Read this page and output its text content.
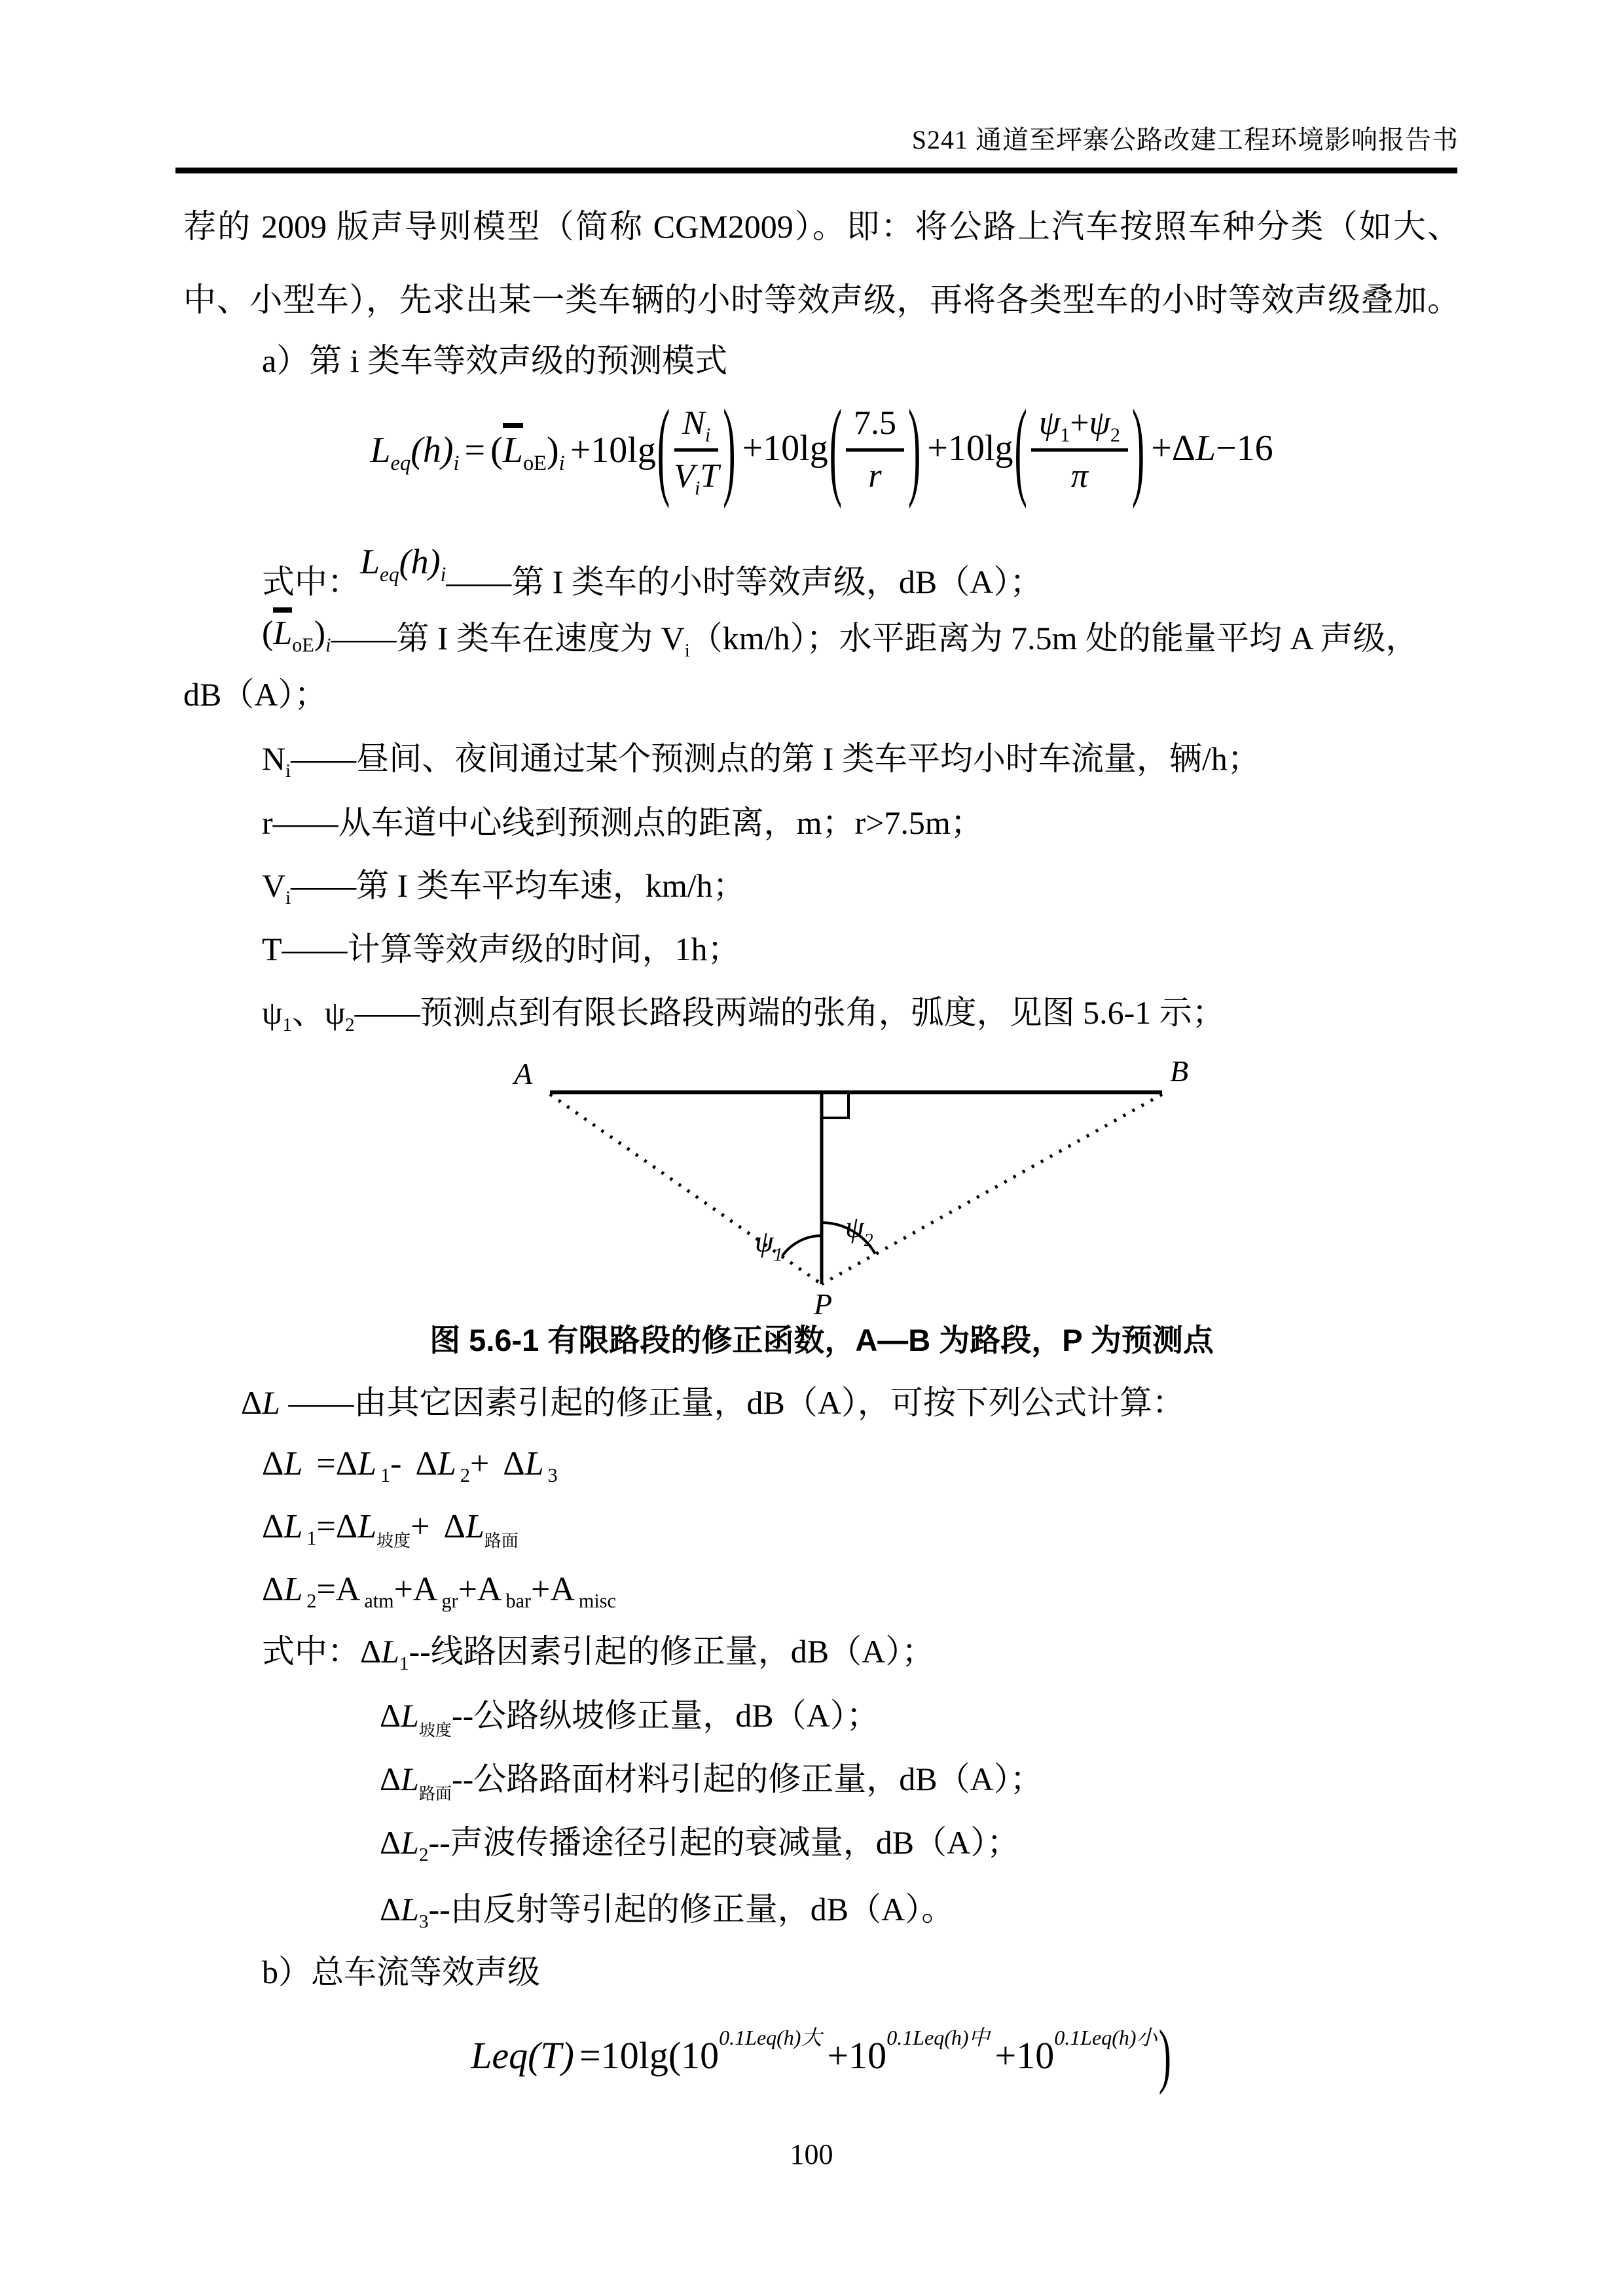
S241 通道至坪寨公路改建工程环境影响报告书
荐的 2009 版声导则模型（简称 CGM2009）。即：将公路上汽车按照车种分类（如大、中、小型车），先求出某一类车辆的小时等效声级，再将各类型车的小时等效声级叠加。
a）第 i 类车等效声级的预测模式
$L_{eq}(h)_i = (L_{oE})_i +10\lg$ ( $\frac{N_i}{V_iT}$ ) +10lg ( $\frac{7.5}{r}$ ) +10lg ( $\frac{\psi_1+\psi_2}{\pi}$ ) +ΔL−16
式中：$L_{eq}(h)_i——$第 I 类车的小时等效声级，dB（A）；
$(L_{oE})_i——$第 I 类车在速度为 $V_i(km/h)$；水平距离为 7.5m 处的能量平均 A 声级，
dB（A）；
$N_i——$昼间、夜间通过某个预测点的第 I 类车平均小时车流量，辆/h；
r——从车道中心线到预测点的距离，m；r>7.5m；
$V_i——$第 I 类车平均车速，km/h；
T——计算等效声级的时间，1h；
$\psi_1$、$\psi_2——$预测点到有限长路段两端的张角，弧度，见图 5.6-1 示；
A	B
P
$\psi_1$
$\psi_2$
图 5.6-1 有限路段的修正函数，A—B 为路段，P 为预测点
ΔL ——由其它因素引起的修正量，dB（A），可按下列公式计算：
ΔL =ΔL $_1$- ΔL $_2$+ ΔL $_3$
ΔL $_1=\Delta L_{坡度}+ \Delta L_{路面}$
ΔL $_2$=A $_{atm}$+A $_{gr}$+A $_{bar}$+A $_{misc}$
式中：$\Delta L_1--$线路因素引起的修正量，dB（A）；
$\Delta L_{坡度}--$公路纵坡修正量，dB（A）；
$\Delta L_{路面}--$公路路面材料引起的修正量，dB（A）；
$\Delta L_2--$声波传播途径引起的衰减量，dB（A）；
$\Delta L_3--$由反射等引起的修正量，dB（A）。
b）总车流等效声级
$Leq(T) =10\lg(10^{0.1Leq(h)大} +10^{0.1Leq(h)中} +10^{0.1Leq(h)小})$
100
